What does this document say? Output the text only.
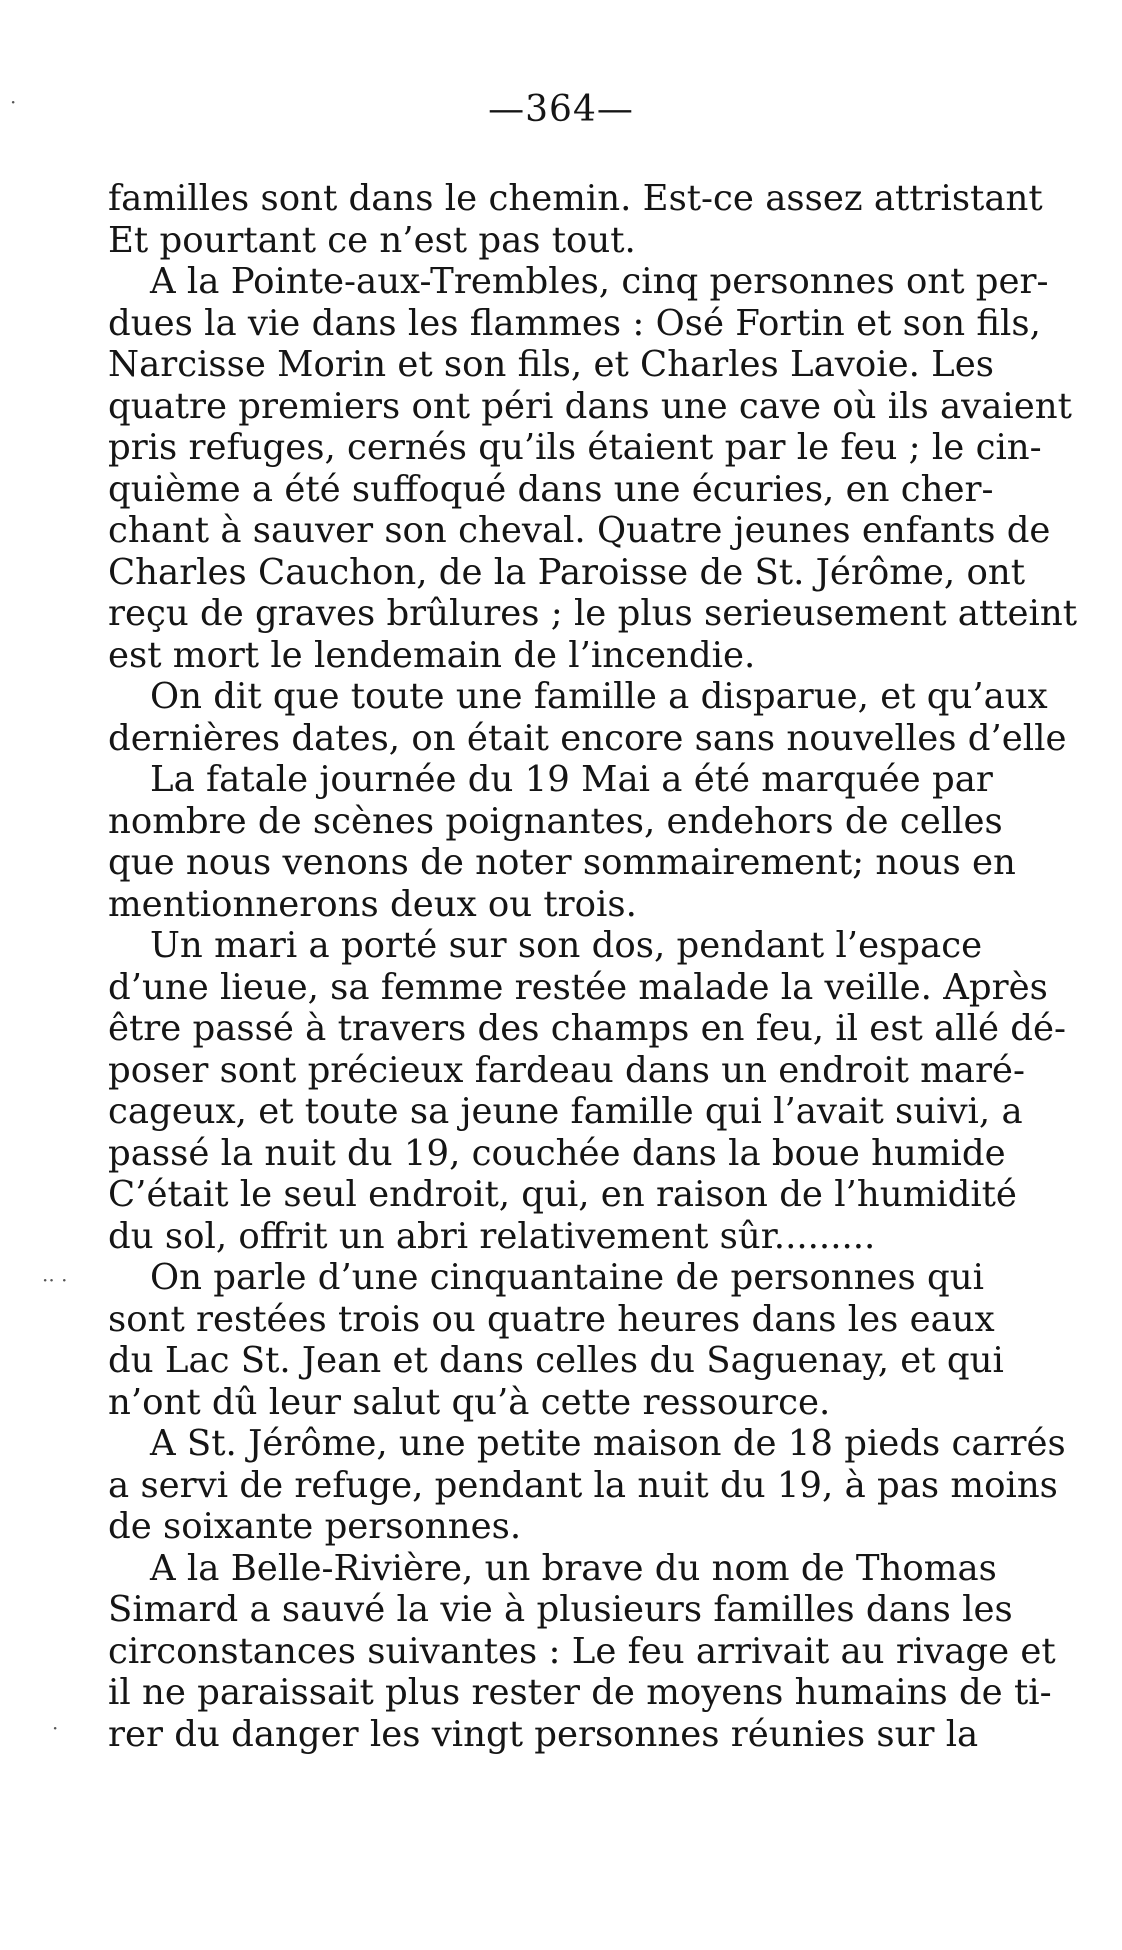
—364—
familles sont dans le chemin. Est-ce assez attristant
Et pourtant ce n’est pas tout.
A la Pointe-aux-Trembles, cinq personnes ont per-
dues la vie dans les flammes : Osé Fortin et son fils,
Narcisse Morin et son fils, et Charles Lavoie. Les
quatre premiers ont péri dans une cave où ils avaient
pris refuges, cernés qu’ils étaient par le feu ; le cin-
quième a été suffoqué dans une écuries, en cher-
chant à sauver son cheval. Quatre jeunes enfants de
Charles Cauchon, de la Paroisse de St. Jérôme, ont
reçu de graves brûlures ; le plus serieusement atteint
est mort le lendemain de l’incendie.
On dit que toute une famille a disparue, et qu’aux
dernières dates, on était encore sans nouvelles d’elle
La fatale journée du 19 Mai a été marquée par
nombre de scènes poignantes, endehors de celles
que nous venons de noter sommairement; nous en
mentionnerons deux ou trois.
Un mari a porté sur son dos, pendant l’espace
d’une lieue, sa femme restée malade la veille. Après
être passé à travers des champs en feu, il est allé dé-
poser sont précieux fardeau dans un endroit maré-
cageux, et toute sa jeune famille qui l’avait suivi, a
passé la nuit du 19, couchée dans la boue humide
C’était le seul endroit, qui, en raison de l’humidité
du sol, offrit un abri relativement sûr.........
On parle d’une cinquantaine de personnes qui
sont restées trois ou quatre heures dans les eaux
du Lac St. Jean et dans celles du Saguenay, et qui
n’ont dû leur salut qu’à cette ressource.
A St. Jérôme, une petite maison de 18 pieds carrés
a servi de refuge, pendant la nuit du 19, à pas moins
de soixante personnes.
A la Belle-Rivière, un brave du nom de Thomas
Simard a sauvé la vie à plusieurs familles dans les
circonstances suivantes : Le feu arrivait au rivage et
il ne paraissait plus rester de moyens humains de ti-
rer du danger les vingt personnes réunies sur la
·
·· ·
·
